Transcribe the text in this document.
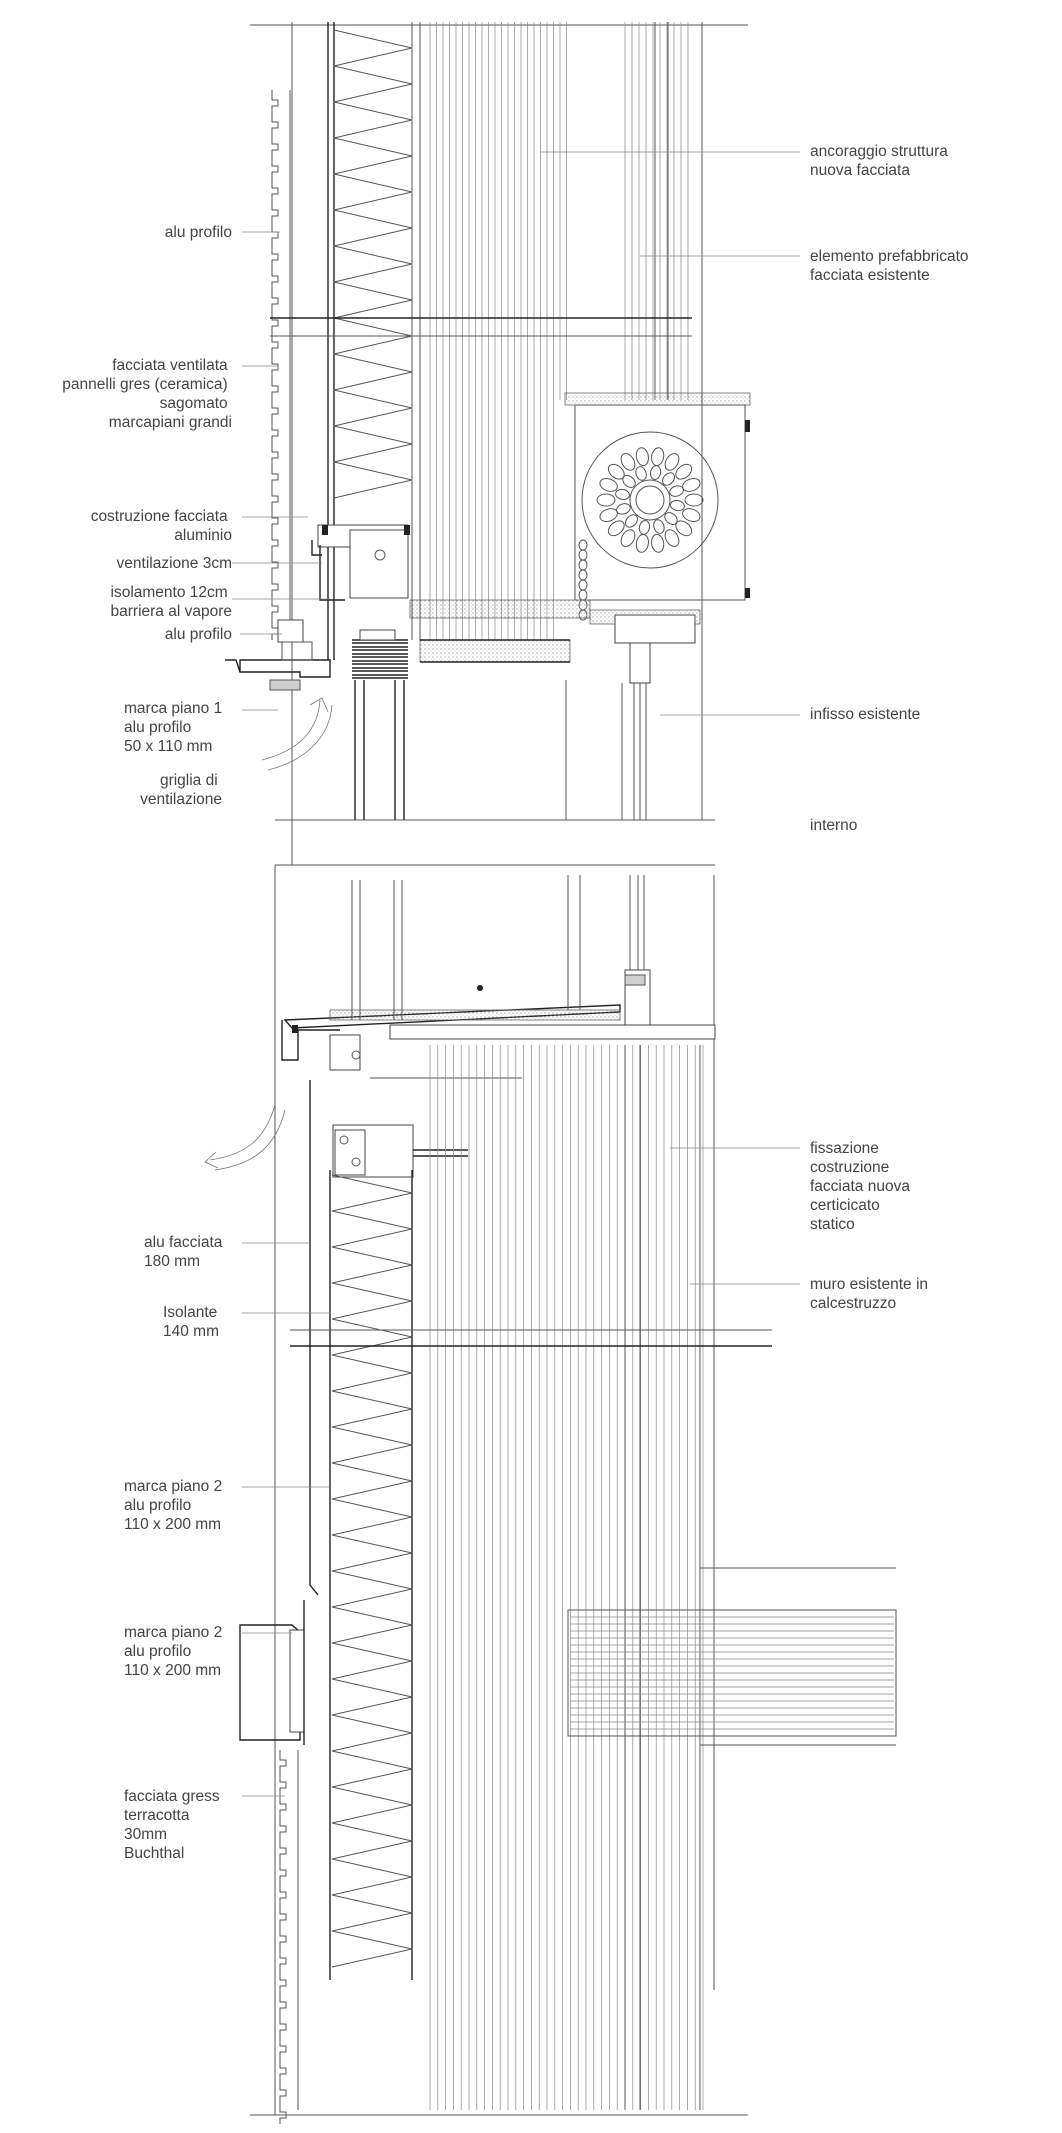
alu profilo
facciata ventilata pannelli gres (ceramica) sagomato marcapiani grandi
costruzione facciata aluminio
ventilazione 3cm
isolamento 12cm barriera al vapore
alu profilo
marca piano 1 alu profilo 50 x 110 mm
griglia di ventilazione
alu facciata 180 mm
Isolante 140 mm
marca piano 2 alu profilo 110 x 200 mm
marca piano 2 alu profilo 110 x 200 mm
facciata gress terracotta 30mm Buchthal
ancoraggio struttura nuova facciata
elemento prefabbricato facciata esistente
infisso esistente
interno
fissazione costruzione facciata nuova certicicato statico
muro esistente in calcestruzzo
